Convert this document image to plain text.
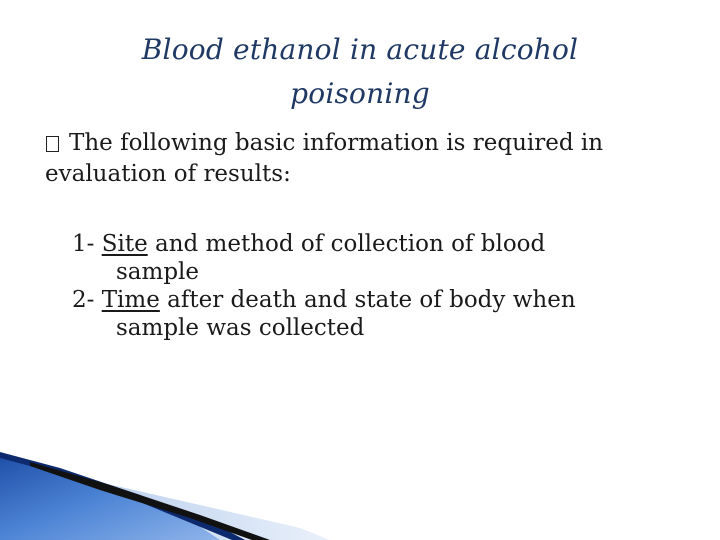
Blood ethanol in acute alcohol
poisoning
The following basic information is required in
evaluation of results:

1- Site and method of collection of blood
sample

2- Time after death and state of body when
sample was collected
